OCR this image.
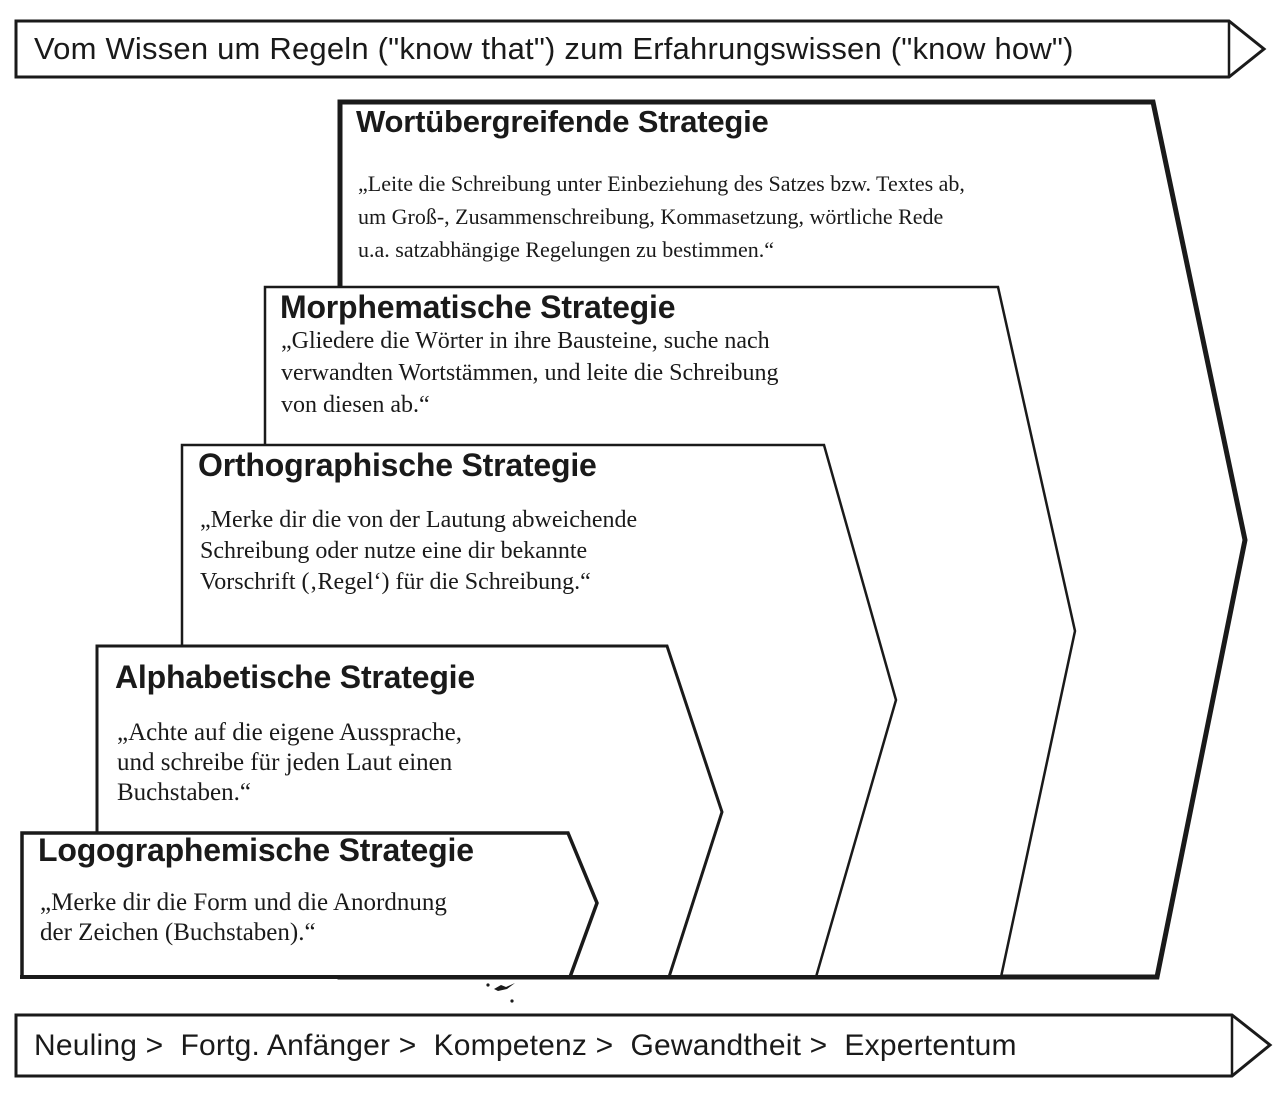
Vom Wissen um Regeln ("know that") zum Erfahrungswissen ("know how")
Wortübergreifende Strategie
„Leite die Schreibung unter Einbeziehung des Satzes bzw. Textes ab,
um Groß-, Zusammenschreibung, Kommasetzung, wörtliche Rede
u.a. satzabhängige Regelungen zu bestimmen.“
Morphematische Strategie
„Gliedere die Wörter in ihre Bausteine, suche nach
verwandten Wortstämmen, und leite die Schreibung
von diesen ab.“
Orthographische Strategie
„Merke dir die von der Lautung abweichende
Schreibung oder nutze eine dir bekannte
Vorschrift (‚Regel‘) für die Schreibung.“
Alphabetische Strategie
„Achte auf die eigene Aussprache,
und schreibe für jeden Laut einen
Buchstaben.“
Logographemische Strategie
„Merke dir die Form und die Anordnung
der Zeichen (Buchstaben).“
Neuling >  Fortg. Anfänger >  Kompetenz >  Gewandtheit >  Expertentum
